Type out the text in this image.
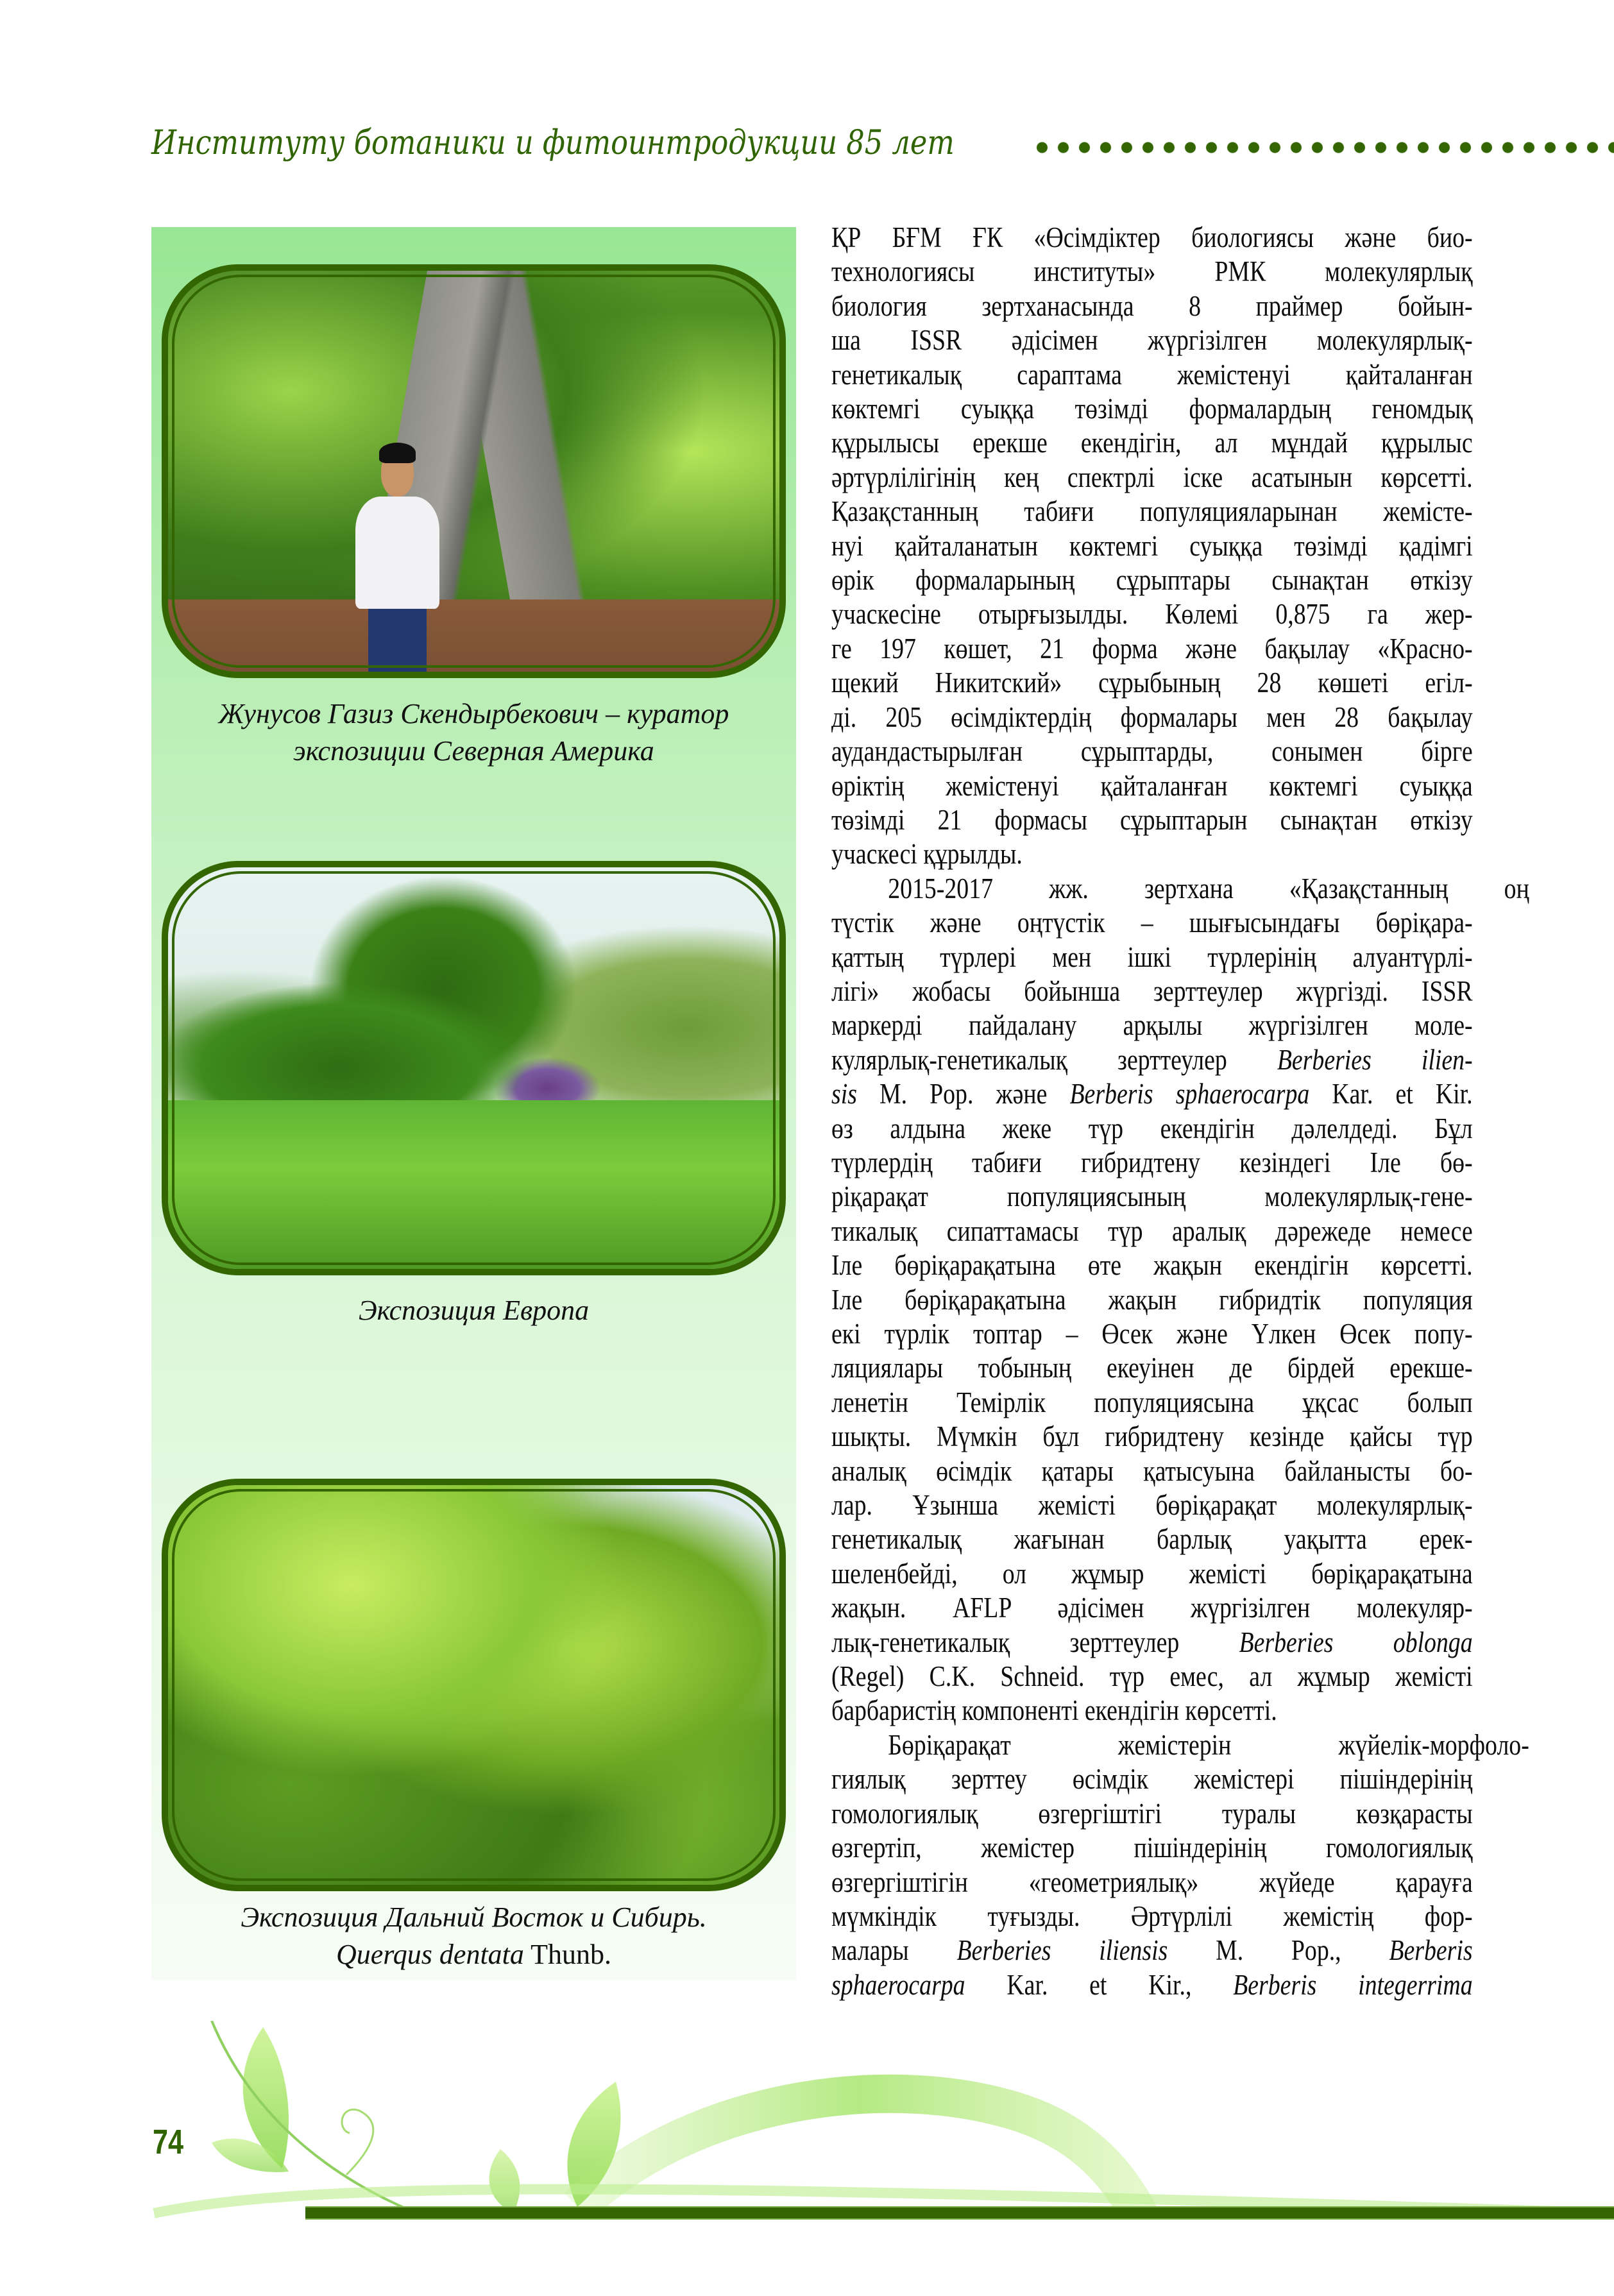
Институту ботаники и фитоинтродукции 85 лет
Жунусов Газиз Скендырбекович – куратор
экспозиции Северная Америка
Экспозиция Европа
Экспозиция Дальний Восток и Сибирь.
Querqus dentata Thunb.
ҚР БҒМ ҒК «Өсімдіктер биологиясы және био-
технологиясы институты» РМК молекулярлық
биология зертханасында 8 праймер бойын-
ша ISSR әдісімен жүргізілген молекулярлық-
генетикалық сараптама жемістенуі қайталанған
көктемгі суыққа төзімді формалардың геномдық
құрылысы ерекше екендігін, ал мұндай құрылыс
әртүрлілігінің кең спектрлі іске асатынын көрсетті.
Қазақстанның табиғи популяцияларынан жемісте-
нуі қайталанатын көктемгі суыққа төзімді қадімгі
өрік формаларының сұрыптары сынақтан өткізу
учаскесіне отырғызылды. Көлемі 0,875 га жер-
ге 197 көшет, 21 форма және бақылау «Красно-
щекий Никитский» сұрыбының 28 көшеті егіл-
ді. 205 өсімдіктердің формалары мен 28 бақылау
аудандастырылған сұрыптарды, сонымен бірге
өріктің жемістенуі қайталанған көктемгі суыққа
төзімді 21 формасы сұрыптарын сынақтан өткізу
учаскесі құрылды.
2015-2017 жж. зертхана «Қазақстанның оң
түстік және оңтүстік – шығысындағы бөріқара-
қаттың түрлері мен ішкі түрлерінің алуантүрлі-
лігі» жобасы бойынша зерттеулер жүргізді. ISSR
маркерді пайдалану арқылы жүргізілген моле-
кулярлық-генетикалық зерттеулер Berberies ilien-
sis M. Pop. және Berberis sphaerocarpa Kar. et Kir.
өз алдына жеке түр екендігін дәлелдеді. Бұл
түрлердің табиғи гибридтену кезіндегі Іле бө-
ріқарақат популяциясының молекулярлық-гене-
тикалық сипаттамасы түр аралық дәрежеде немесе
Іле бөріқарақатына өте жақын екендігін көрсетті.
Іле бөріқарақатына жақын гибридтік популяция
екі түрлік топтар – Өсек және Үлкен Өсек попу-
ляциялары тобының екеуінен де бірдей ерекше-
ленетін Темірлік популяциясына ұқсас болып
шықты. Мүмкін бұл гибридтену кезінде қайсы түр
аналық өсімдік қатары қатысуына байланысты бо-
лар. Ұзынша жемісті бөріқарақат молекулярлық-
генетикалық жағынан барлық уақытта ерек-
шеленбейді, ол жұмыр жемісті бөріқарақатына
жақын. AFLP әдісімен жүргізілген молекуляр-
лық-генетикалық зерттеулер Berberies oblonga
(Regel) C.K. Schneid. түр емес, ал жұмыр жемісті
барбаристің компоненті екендігін көрсетті.
Бөріқарақат жемістерін жүйелік-морфоло-
гиялық зерттеу өсімдік жемістері пішіндерінің
гомологиялық өзгергіштігі туралы көзқарасты
өзгертіп, жемістер пішіндерінің гомологиялық
өзгергіштігін «геометриялық» жүйеде қарауға
мүмкіндік туғызды. Әртүрлілі жемістің фор-
малары Berberies iliensis M. Pop., Berberis
sphaerocarpa Kar. et Kir., Berberis integerrima
74
